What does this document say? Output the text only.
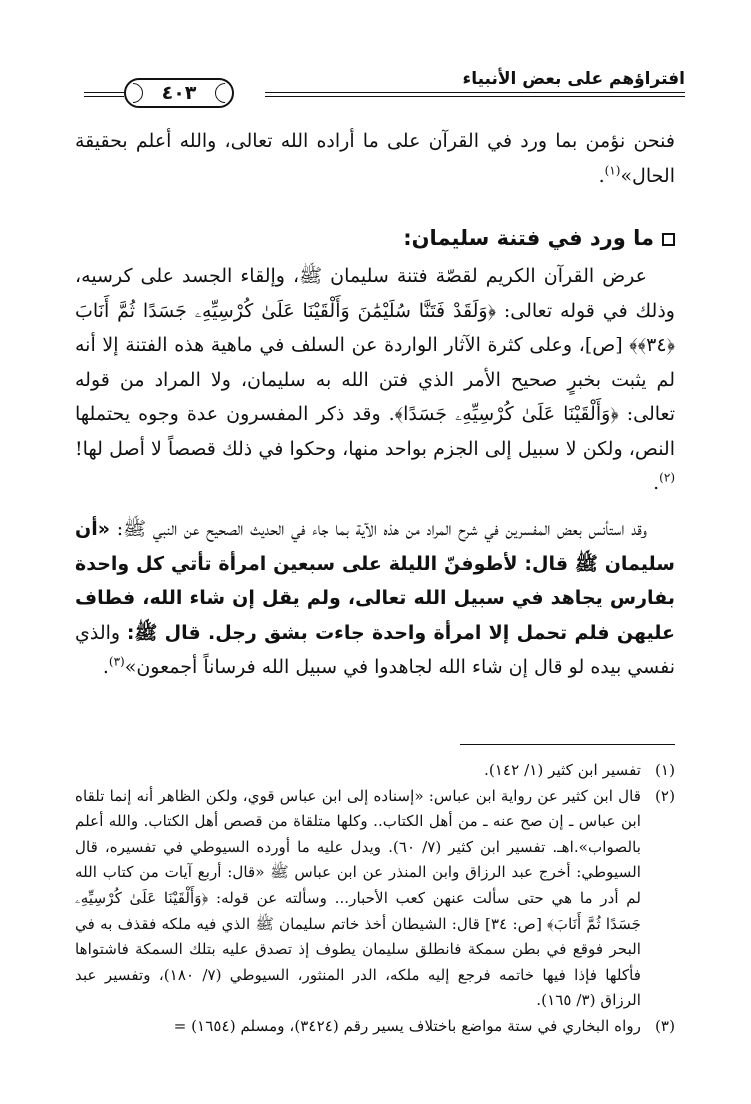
افتراؤهم على بعض الأنبياء
٤٠٣
فنحن نؤمن بما ورد في القرآن على ما أراده الله تعالى، والله أعلم بحقيقة الحال»$^{(١)}$.
ما ورد في فتنة سليمان:
عرض القرآن الكريم لقصّة فتنة سليمان ﷺ، وإلقاء الجسد على كرسيه، وذلك في قوله تعالى: ﴿وَلَقَدْ فَتَنَّا سُلَيْمَٰنَ وَأَلْقَيْنَا عَلَىٰ كُرْسِيِّهِۦ جَسَدًا ثُمَّ أَنَابَ ﴿٣٤﴾﴾ [ص]، وعلى كثرة الآثار الواردة عن السلف في ماهية هذه الفتنة إلا أنه لم يثبت بخبرٍ صحيح الأمر الذي فتن الله به سليمان، ولا المراد من قوله تعالى: ﴿وَأَلْقَيْنَا عَلَىٰ كُرْسِيِّهِۦ جَسَدًا﴾. وقد ذكر المفسرون عدة وجوه يحتملها النص، ولكن لا سبيل إلى الجزم بواحد منها، وحكوا في ذلك قصصاً لا أصل لها!$^{(٢)}$.
وقد استأنس بعض المفسرين في شرح المراد من هذه الآية بما جاء في الحديث الصحيح عن النبي ﷺ: «أن سليمان ﷺ قال: لأطوفنّ الليلة على سبعين امرأة تأتي كل واحدة بفارس يجاهد في سبيل الله تعالى، ولم يقل إن شاء الله، فطاف عليهن فلم تحمل إلا امرأة واحدة جاءت بشق رجل. قال ﷺ: والذي نفسي بيده لو قال إن شاء الله لجاهدوا في سبيل الله فرساناً أجمعون»$^{(٣)}$.
(١)
تفسير ابن كثير (١/ ١٤٢).
(٢)
قال ابن كثير عن رواية ابن عباس: «إسناده إلى ابن عباس قوي، ولكن الظاهر أنه إنما تلقاه ابن عباس ـ إن صح عنه ـ من أهل الكتاب.. وكلها متلقاة من قصص أهل الكتاب. والله أعلم بالصواب».اهـ. تفسير ابن كثير (٧/ ٦٠). ويدل عليه ما أورده السيوطي في تفسيره، قال السيوطي: أخرج عبد الرزاق وابن المنذر عن ابن عباس ﷺ «قال: أربع آيات من كتاب الله لم أدر ما هي حتى سألت عنهن كعب الأحبار... وسألته عن قوله: ﴿وَأَلْقَيْنَا عَلَىٰ كُرْسِيِّهِۦ جَسَدًا ثُمَّ أَنَابَ﴾ [ص: ٣٤] قال: الشيطان أخذ خاتم سليمان ﷺ الذي فيه ملكه فقذف به في البحر فوقع في بطن سمكة فانطلق سليمان يطوف إذ تصدق عليه بتلك السمكة فاشتواها فأكلها فإذا فيها خاتمه فرجع إليه ملكه، الدر المنثور، السيوطي (٧/ ١٨٠)، وتفسير عبد الرزاق (٣/ ١٦٥).
(٣)
رواه البخاري في ستة مواضع باختلاف يسير رقم (٣٤٢٤)، ومسلم (١٦٥٤) =
